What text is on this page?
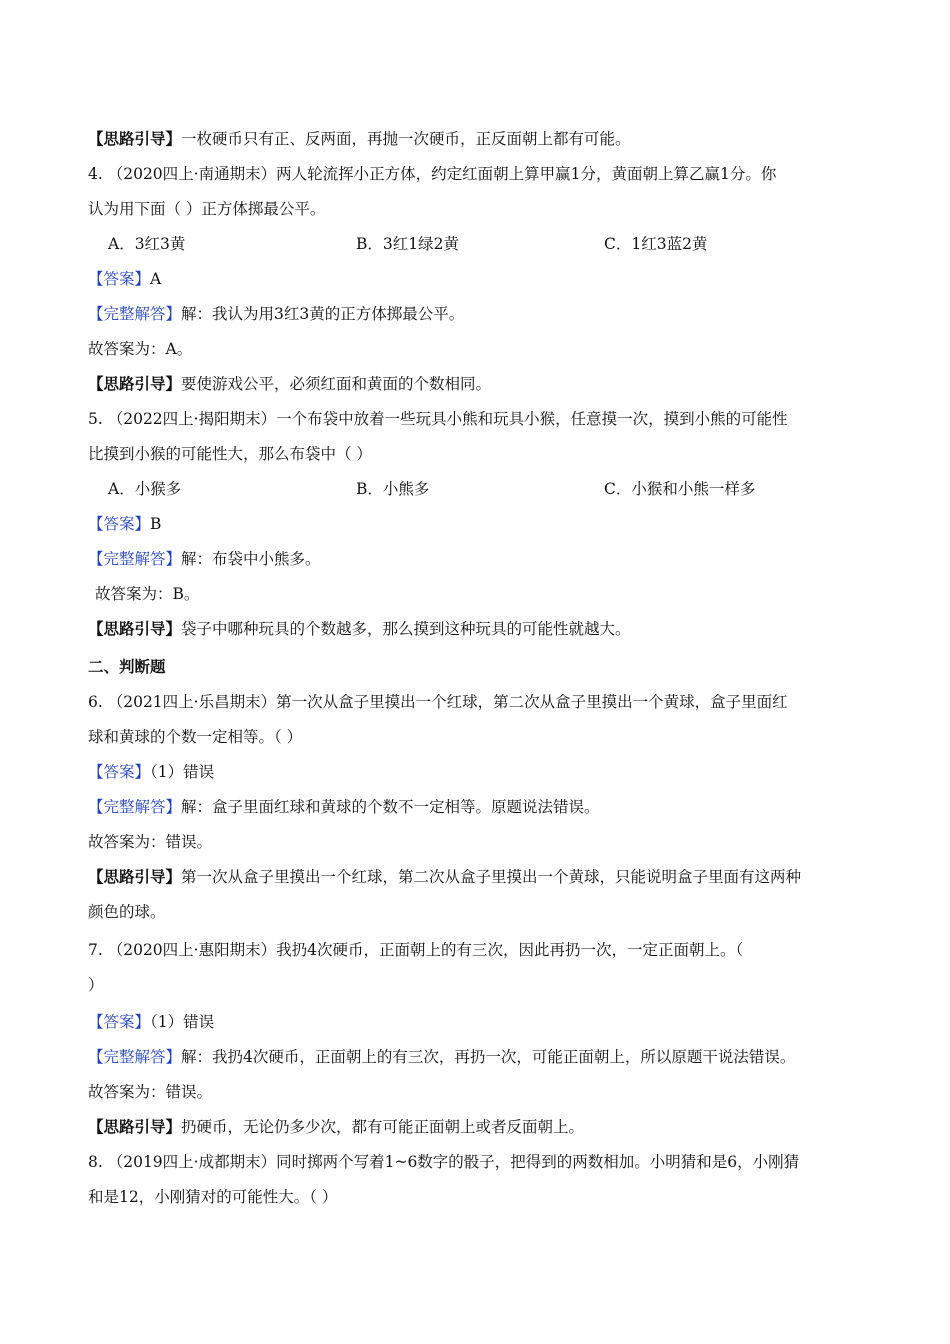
【思路引导】一枚硬币只有正、反两面，再抛一次硬币，正反面朝上都有可能。
4. （2020四上·南通期末）两人轮流挥小正方体，约定红面朝上算甲赢1分，黄面朝上算乙赢1分。你
认为用下面（ ）正方体掷最公平。
A．3红3黄	B．3红1绿2黄	C．1红3蓝2黄
【答案】A
【完整解答】解：我认为用3红3黄的正方体掷最公平。
故答案为：A。
【思路引导】要使游戏公平，必须红面和黄面的个数相同。
5. （2022四上·揭阳期末）一个布袋中放着一些玩具小熊和玩具小猴，任意摸一次，摸到小熊的可能性
比摸到小猴的可能性大，那么布袋中（ ）
A．小猴多	B．小熊多	C．小猴和小熊一样多
【答案】B
【完整解答】解：布袋中小熊多。
故答案为：B。
【思路引导】袋子中哪种玩具的个数越多，那么摸到这种玩具的可能性就越大。
二、判断题
6. （2021四上·乐昌期末）第一次从盒子里摸出一个红球，第二次从盒子里摸出一个黄球，盒子里面红
球和黄球的个数一定相等。（ ）
【答案】（1）错误
【完整解答】解：盒子里面红球和黄球的个数不一定相等。原题说法错误。
故答案为：错误。
【思路引导】第一次从盒子里摸出一个红球，第二次从盒子里摸出一个黄球，只能说明盒子里面有这两种
颜色的球。
7. （2020四上·惠阳期末）我扔4次硬币，正面朝上的有三次，因此再扔一次，一定正面朝上。（
）
【答案】（1）错误
【完整解答】解：我扔4次硬币，正面朝上的有三次，再扔一次，可能正面朝上，所以原题干说法错误。
故答案为：错误。
【思路引导】扔硬币，无论仍多少次，都有可能正面朝上或者反面朝上。
8. （2019四上·成都期末）同时掷两个写着1~6数字的骰子，把得到的两数相加。小明猜和是6，小刚猜
和是12，小刚猜对的可能性大。（ ）
